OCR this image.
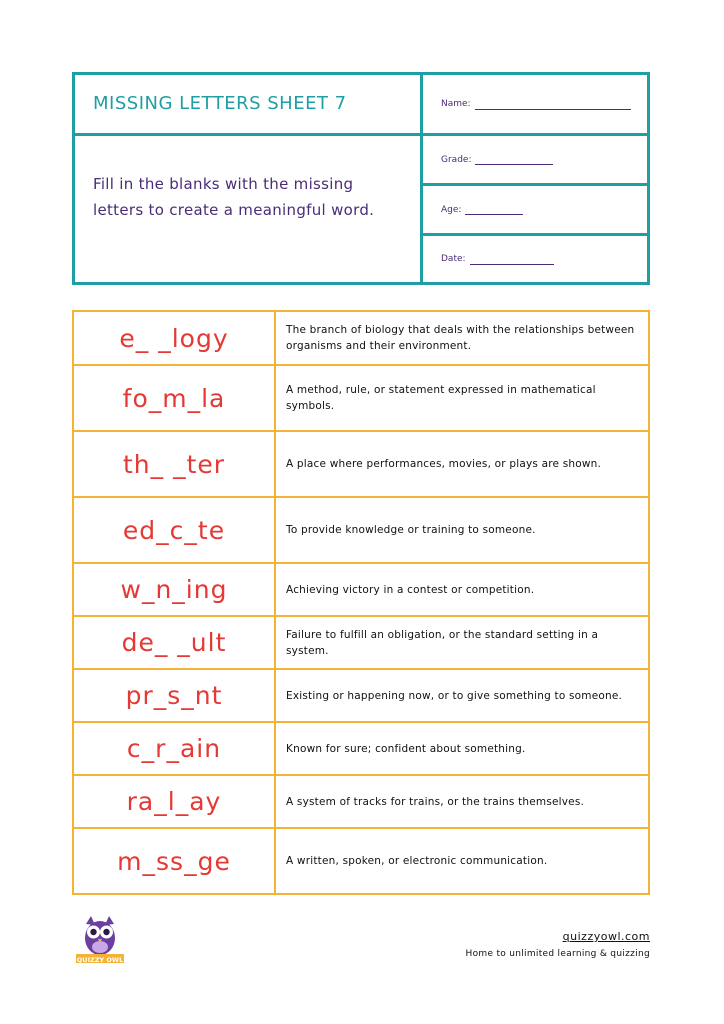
MISSING LETTERS SHEET 7
Fill in the blanks with the missing letters to create a meaningful word.
Name:
Grade:
Age:
Date:
e_ _logy	The branch of biology that deals with the relationships between organisms and their environment.
fo_m_la	A method, rule, or statement expressed in mathematical symbols.
th_ _ter	A place where performances, movies, or plays are shown.
ed_c_te	To provide knowledge or training to someone.
w_n_ing	Achieving victory in a contest or competition.
de_ _ult	Failure to fulfill an obligation, or the standard setting in a system.
pr_s_nt	Existing or happening now, or to give something to someone.
c_r_ain	Known for sure; confident about something.
ra_l_ay	A system of tracks for trains, or the trains themselves.
m_ss_ge	A written, spoken, or electronic communication.
QUIZZY OWL
quizzyowl.com
Home to unlimited learning & quizzing
